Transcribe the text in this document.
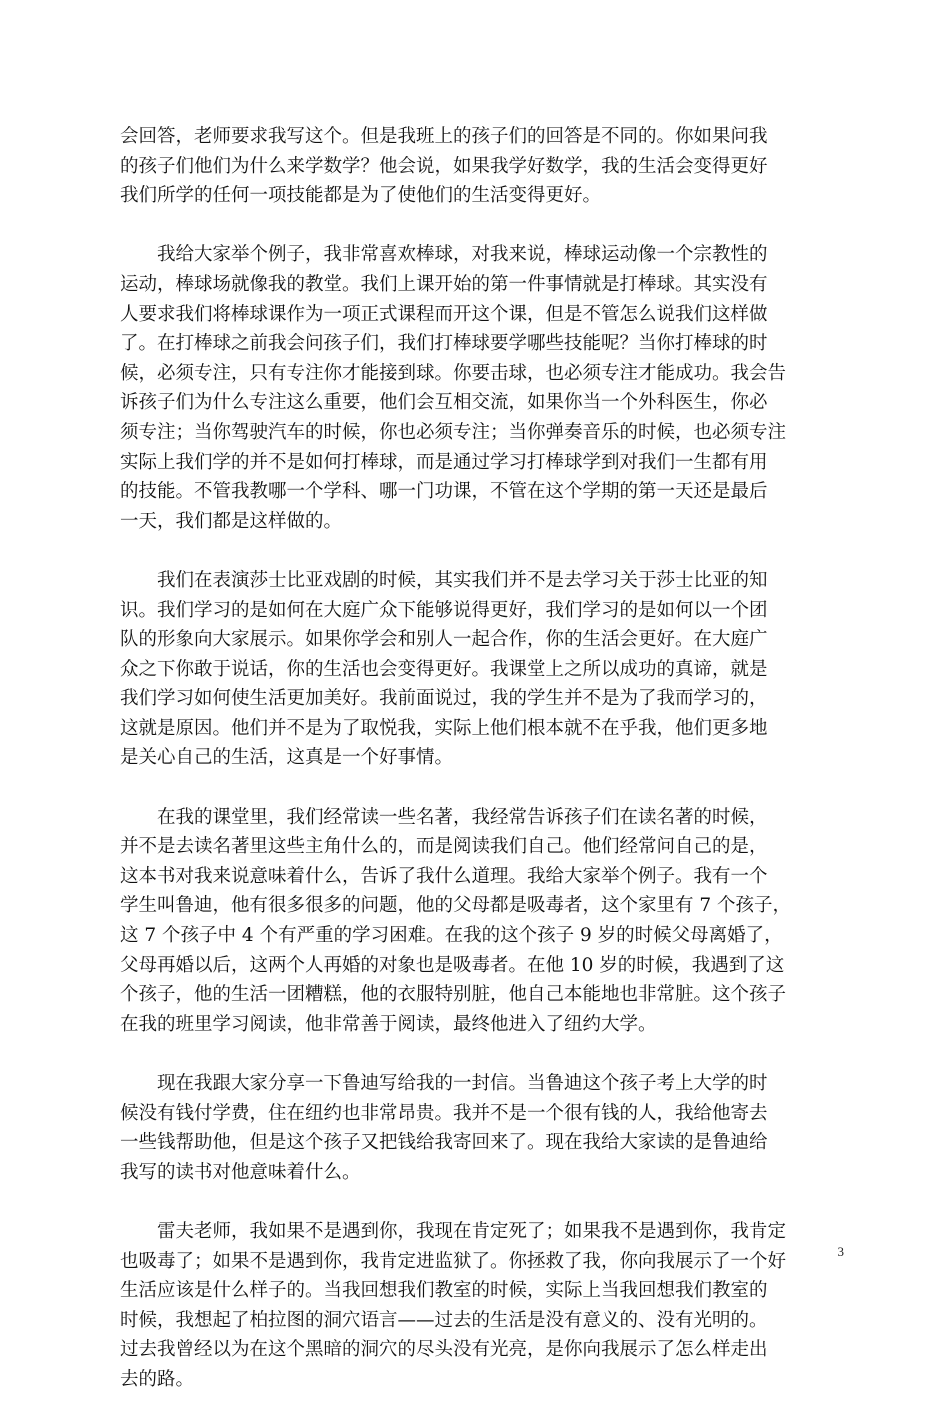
会回答，老师要求我写这个。但是我班上的孩子们的回答是不同的。你如果问我
的孩子们他们为什么来学数学？他会说，如果我学好数学，我的生活会变得更好
我们所学的任何一项技能都是为了使他们的生活变得更好。
我给大家举个例子，我非常喜欢棒球，对我来说，棒球运动像一个宗教性的
运动，棒球场就像我的教堂。我们上课开始的第一件事情就是打棒球。其实没有
人要求我们将棒球课作为一项正式课程而开这个课，但是不管怎么说我们这样做
了。在打棒球之前我会问孩子们，我们打棒球要学哪些技能呢？当你打棒球的时
候，必须专注，只有专注你才能接到球。你要击球，也必须专注才能成功。我会告
诉孩子们为什么专注这么重要，他们会互相交流，如果你当一个外科医生，你必
须专注；当你驾驶汽车的时候，你也必须专注；当你弹奏音乐的时候，也必须专注
实际上我们学的并不是如何打棒球，而是通过学习打棒球学到对我们一生都有用
的技能。不管我教哪一个学科、哪一门功课，不管在这个学期的第一天还是最后
一天，我们都是这样做的。
我们在表演莎士比亚戏剧的时候，其实我们并不是去学习关于莎士比亚的知
识。我们学习的是如何在大庭广众下能够说得更好，我们学习的是如何以一个团
队的形象向大家展示。如果你学会和别人一起合作，你的生活会更好。在大庭广
众之下你敢于说话，你的生活也会变得更好。我课堂上之所以成功的真谛，就是
我们学习如何使生活更加美好。我前面说过，我的学生并不是为了我而学习的，
这就是原因。他们并不是为了取悦我，实际上他们根本就不在乎我，他们更多地
是关心自己的生活，这真是一个好事情。
在我的课堂里，我们经常读一些名著，我经常告诉孩子们在读名著的时候，
并不是去读名著里这些主角什么的，而是阅读我们自己。他们经常问自己的是，
这本书对我来说意味着什么，告诉了我什么道理。我给大家举个例子。我有一个
学生叫鲁迪，他有很多很多的问题，他的父母都是吸毒者，这个家里有 7 个孩子，
这 7 个孩子中 4 个有严重的学习困难。在我的这个孩子 9 岁的时候父母离婚了，
父母再婚以后，这两个人再婚的对象也是吸毒者。在他 10 岁的时候，我遇到了这
个孩子，他的生活一团糟糕，他的衣服特别脏，他自己本能地也非常脏。这个孩子
在我的班里学习阅读，他非常善于阅读，最终他进入了纽约大学。
现在我跟大家分享一下鲁迪写给我的一封信。当鲁迪这个孩子考上大学的时
候没有钱付学费，住在纽约也非常昂贵。我并不是一个很有钱的人，我给他寄去
一些钱帮助他，但是这个孩子又把钱给我寄回来了。现在我给大家读的是鲁迪给
我写的读书对他意味着什么。
雷夫老师，我如果不是遇到你，我现在肯定死了；如果我不是遇到你，我肯定
也吸毒了；如果不是遇到你，我肯定进监狱了。你拯救了我，你向我展示了一个好
生活应该是什么样子的。当我回想我们教室的时候，实际上当我回想我们教室的
时候，我想起了柏拉图的洞穴语言——过去的生活是没有意义的、没有光明的。
过去我曾经以为在这个黑暗的洞穴的尽头没有光亮，是你向我展示了怎么样走出
去的路。
3
